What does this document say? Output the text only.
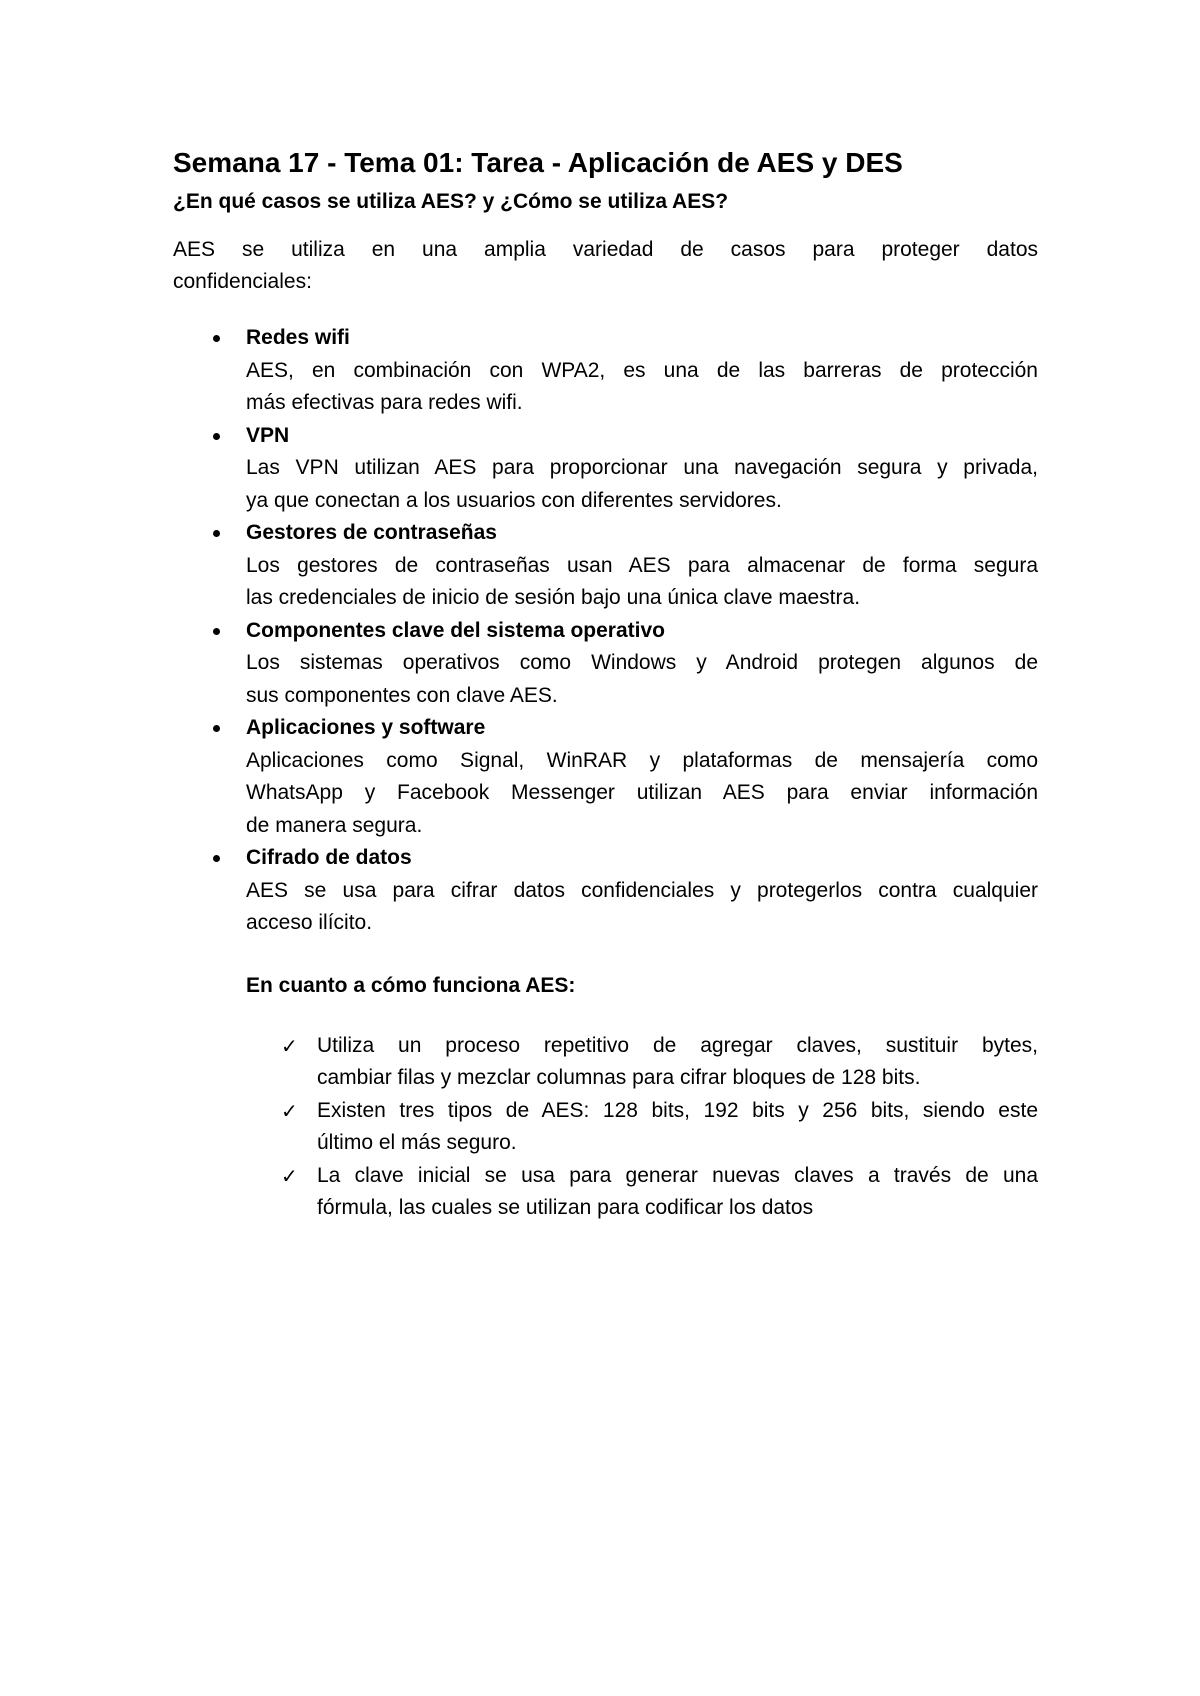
Semana 17 - Tema 01: Tarea - Aplicación de AES y DES
¿En qué casos se utiliza AES? y ¿Cómo se utiliza AES?

AES se utiliza en una amplia variedad de casos para proteger datos
confidenciales:

Redes wifi
AES, en combinación con WPA2, es una de las barreras de protección
más efectivas para redes wifi.
VPN
Las VPN utilizan AES para proporcionar una navegación segura y privada,
ya que conectan a los usuarios con diferentes servidores.
Gestores de contraseñas
Los gestores de contraseñas usan AES para almacenar de forma segura
las credenciales de inicio de sesión bajo una única clave maestra.
Componentes clave del sistema operativo
Los sistemas operativos como Windows y Android protegen algunos de
sus componentes con clave AES.
Aplicaciones y software
Aplicaciones como Signal, WinRAR y plataformas de mensajería como
WhatsApp y Facebook Messenger utilizan AES para enviar información
de manera segura.
Cifrado de datos
AES se usa para cifrar datos confidenciales y protegerlos contra cualquier
acceso ilícito.
En cuanto a cómo funciona AES:
✓ Utiliza un proceso repetitivo de agregar claves, sustituir bytes,
cambiar filas y mezclar columnas para cifrar bloques de 128 bits.
✓ Existen tres tipos de AES: 128 bits, 192 bits y 256 bits, siendo este
último el más seguro.
✓ La clave inicial se usa para generar nuevas claves a través de una
fórmula, las cuales se utilizan para codificar los datos
